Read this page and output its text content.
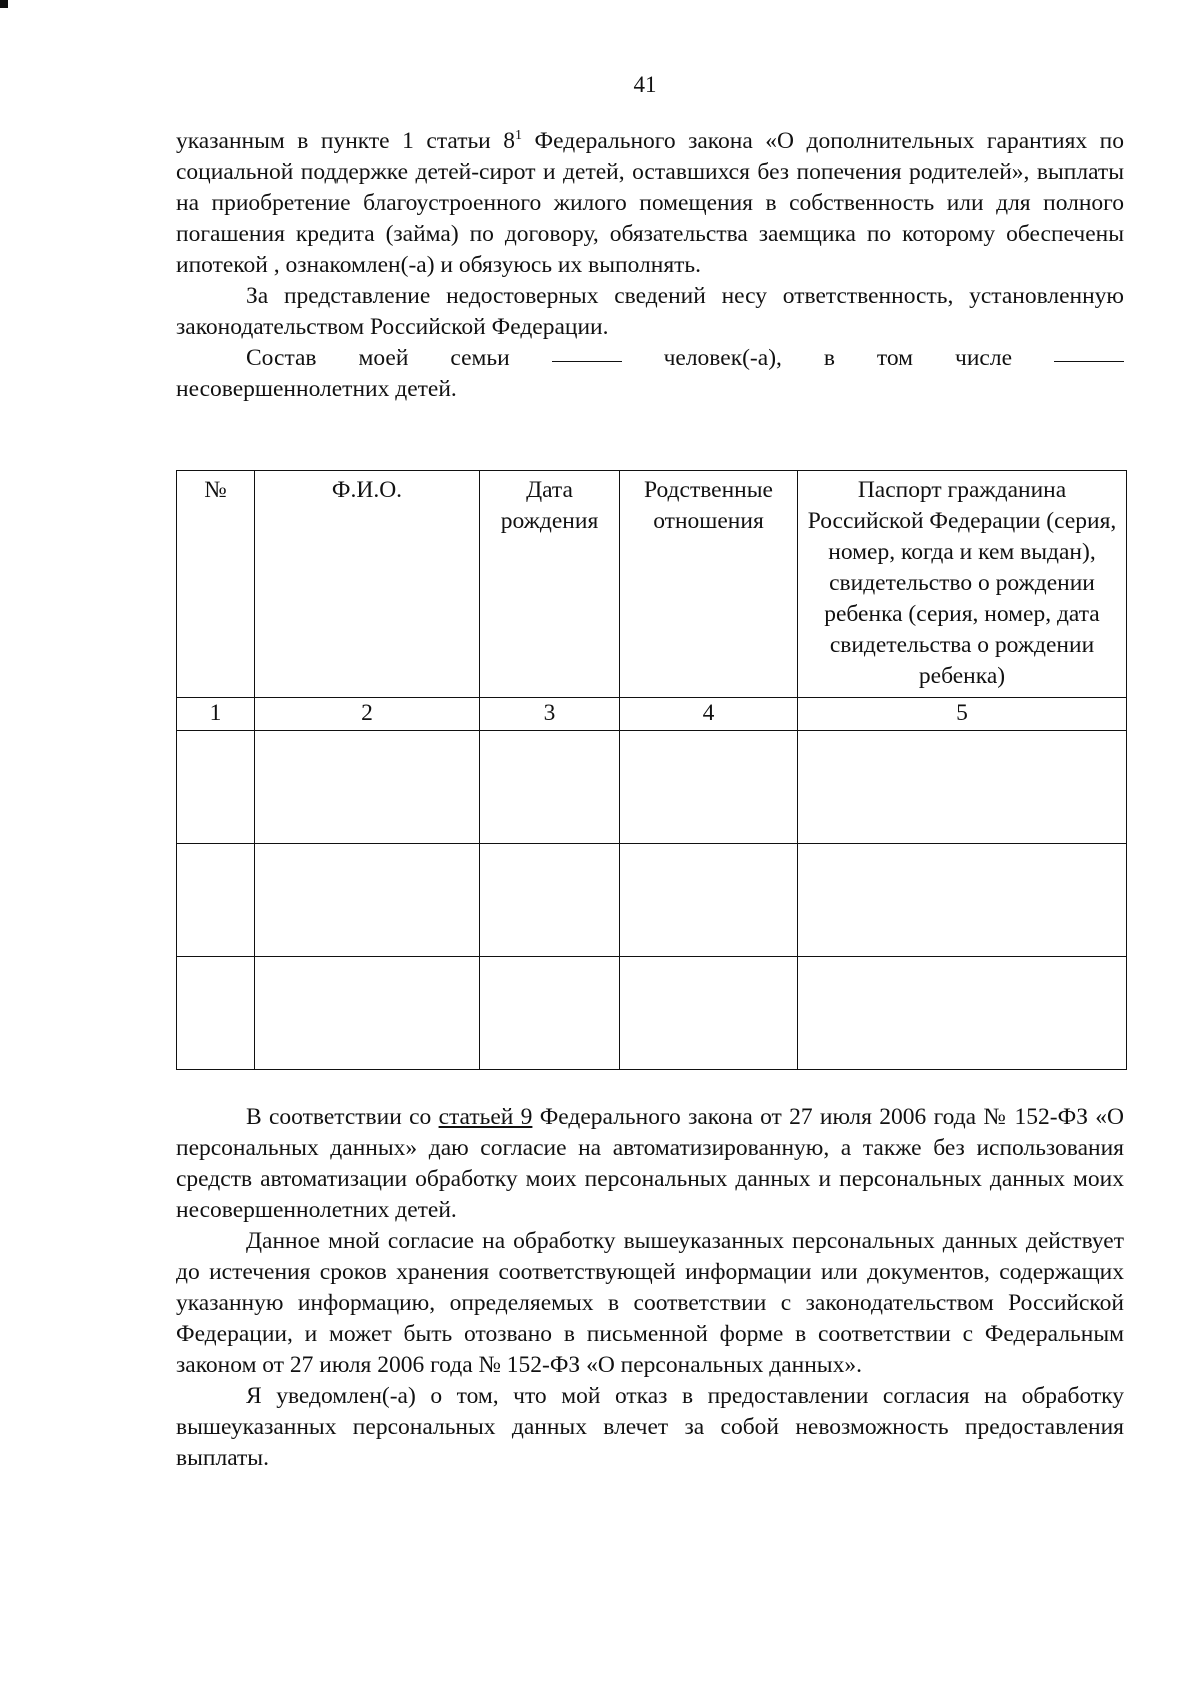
41

указанным в пункте 1 статьи $8^1$ Федерального закона «О дополнительных гарантиях по социальной поддержке детей-сирот и детей, оставшихся без попечения родителей», выплаты на приобретение благоустроенного жилого помещения в собственность или для полного погашения кредита (займа) по договору, обязательства заемщика по которому обеспечены ипотекой , ознакомлен(-а) и обязуюсь их выполнять.

За представление недостоверных сведений несу ответственность, установленную законодательством Российской Федерации.

Состав моей семьи	человек(-а), в том числе

несовершеннолетних детей.

№	Ф.И.О.	Дата рождения	Родственные отношения	Паспорт гражданина Российской Федерации (серия, номер, когда и кем выдан), свидетельство о рождении ребенка (серия, номер, дата свидетельства о рождении ребенка)
1	2	3	4	5

В соответствии со статьей 9 Федерального закона от 27 июля 2006 года № 152-ФЗ «О персональных данных» даю согласие на автоматизированную, а также без использования средств автоматизации обработку моих персональных данных и персональных данных моих несовершеннолетних детей.

Данное мной согласие на обработку вышеуказанных персональных данных действует до истечения сроков хранения соответствующей информации или документов, содержащих указанную информацию, определяемых в соответствии с законодательством Российской Федерации, и может быть отозвано в письменной форме в соответствии с Федеральным законом от 27 июля 2006 года № 152-ФЗ «О персональных данных».

Я уведомлен(-а) о том, что мой отказ в предоставлении согласия на обработку вышеуказанных персональных данных влечет за собой невозможность предоставления выплаты.
